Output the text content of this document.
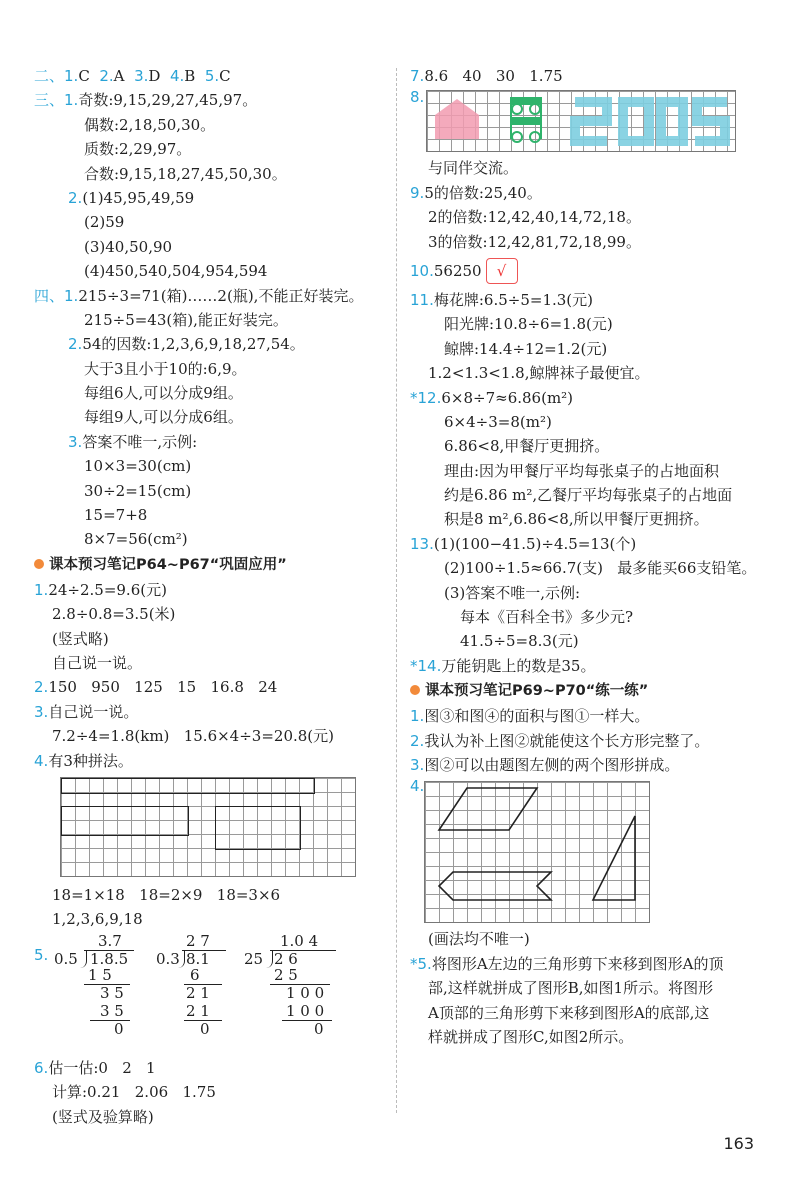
二、1.C 2.A 3.D 4.B 5.C
三、1.奇数:9,15,29,27,45,97。
偶数:2,18,50,30。
质数:2,29,97。
合数:9,15,18,27,45,50,30。
2.(1)45,95,49,59
(2)59
(3)40,50,90
(4)450,540,504,954,594
四、1.215÷3=71(箱)……2(瓶),不能正好装完。
215÷5=43(箱),能正好装完。
2.54的因数:1,2,3,6,9,18,27,54。
大于3且小于10的:6,9。
每组6人,可以分成9组。
每组9人,可以分成6组。
3.答案不唯一,示例:
10×3=30(cm)
30÷2=15(cm)
15=7+8
8×7=56(cm²)
课本预习笔记P64~P67“巩固应用”
1.24÷2.5=9.6(元)
2.8÷0.8=3.5(米)
(竖式略)
自己说一说。
2.150   950   125   15   16.8   24
3.自己说一说。
7.2÷4=1.8(km)   15.6×4÷3=20.8(元)
4.有3种拼法。
18=1×18   18=2×9   18=3×6
1,2,3,6,9,18
5.
3.7
0.5 1.8.5
1 5
3 5
3 5
0
2 7
0.3 8.1
6
2 1
2 1
0
1.0 4
25 2 6
2 5
1 0 0
1 0 0
0
6.估一估:0   2   1
计算:0.21   2.06   1.75
(竖式及验算略)
7.8.6   40   30   1.75
8.
与同伴交流。
9.5的倍数:25,40。
2的倍数:12,42,40,14,72,18。
3的倍数:12,42,81,72,18,99。
10.56250 √
11.梅花牌:6.5÷5=1.3(元)
阳光牌:10.8÷6=1.8(元)
鲸牌:14.4÷12=1.2(元)
1.2<1.3<1.8,鲸牌袜子最便宜。
*12.6×8÷7≈6.86(m²)
6×4÷3=8(m²)
6.86<8,甲餐厅更拥挤。
理由:因为甲餐厅平均每张桌子的占地面积
约是6.86 m²,乙餐厅平均每张桌子的占地面
积是8 m²,6.86<8,所以甲餐厅更拥挤。
13.(1)(100−41.5)÷4.5=13(个)
(2)100÷1.5≈66.7(支)   最多能买66支铅笔。
(3)答案不唯一,示例:
每本《百科全书》多少元?
41.5÷5=8.3(元)
*14.万能钥匙上的数是35。
课本预习笔记P69~P70“练一练”
1.图③和图④的面积与图①一样大。
2.我认为补上图②就能使这个长方形完整了。
3.图②可以由题图左侧的两个图形拼成。
4.
(画法均不唯一)
*5.将图形A左边的三角形剪下来移到图形A的顶
部,这样就拼成了图形B,如图1所示。将图形
A顶部的三角形剪下来移到图形A的底部,这
样就拼成了图形C,如图2所示。
163
